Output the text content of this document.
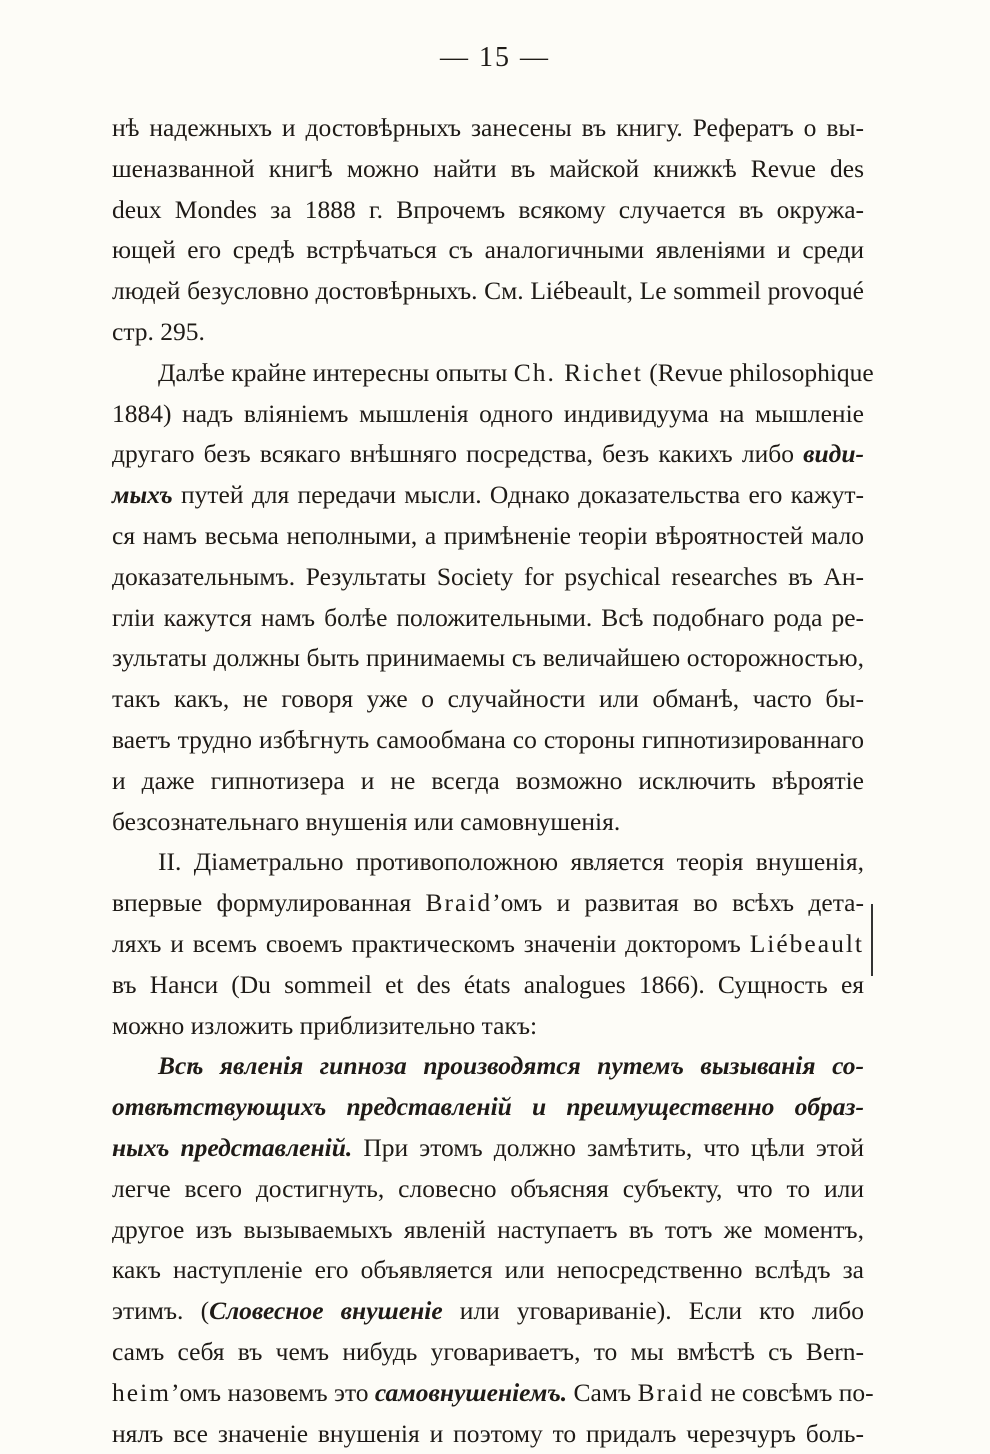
— 15 —
нѣ надежныхъ и достовѣрныхъ занесены въ книгу. Рефератъ о вы-
шеназванной книгѣ можно найти въ майской книжкѣ Revue des
deux Mondes за 1888 г. Впрочемъ всякому случается въ окружа-
ющей его средѣ встрѣчаться съ аналогичными явленіями и среди
людей безусловно достовѣрныхъ. См. Liébeault, Le sommeil provoqué
стр. 295.
Далѣе крайне интересны опыты Ch. Richet (Revue philosophique
1884) надъ вліяніемъ мышленія одного индивидуума на мышленіе
другаго безъ всякаго внѣшняго посредства, безъ какихъ либо види-
мыхъ путей для передачи мысли. Однако доказательства его кажут-
ся намъ весьма неполными, а примѣненіе теоріи вѣроятностей мало
доказательнымъ. Результаты Society for psychical researches въ Ан-
гліи кажутся намъ болѣе положительными. Всѣ подобнаго рода ре-
зультаты должны быть принимаемы съ величайшею осторожностью,
такъ какъ, не говоря уже о случайности или обманѣ, часто бы-
ваетъ трудно избѣгнуть самообмана со стороны гипнотизированнаго
и даже гипнотизера и не всегда возможно исключить вѣроятіе
безсознательнаго внушенія или самовнушенія.
II. Діаметрально противоположною является теорія внушенія,
впервые формулированная Braid’омъ и развитая во всѣхъ дета-
ляхъ и всемъ своемъ практическомъ значеніи докторомъ Liébeault
въ Нанси (Du sommeil et des états analogues 1866). Сущность ея
можно изложить приблизительно такъ:
Всѣ явленія гипноза производятся путемъ вызыванія со-
отвѣтствующихъ представленій и преимущественно образ-
ныхъ представленій. При этомъ должно замѣтить, что цѣли этой
легче всего достигнуть, словесно объясняя субъекту, что то или
другое изъ вызываемыхъ явленій наступаетъ въ тотъ же моментъ,
какъ наступленіе его объявляется или непосредственно вслѣдъ за
этимъ. (Словесное внушеніе или уговариваніе). Если кто либо
самъ себя въ чемъ нибудь уговариваетъ, то мы вмѣстѣ съ Bern-
heim’омъ назовемъ это самовнушеніемъ. Самъ Braid не совсѣмъ по-
нялъ все значеніе внушенія и поэтому то придалъ черезчуръ боль-
